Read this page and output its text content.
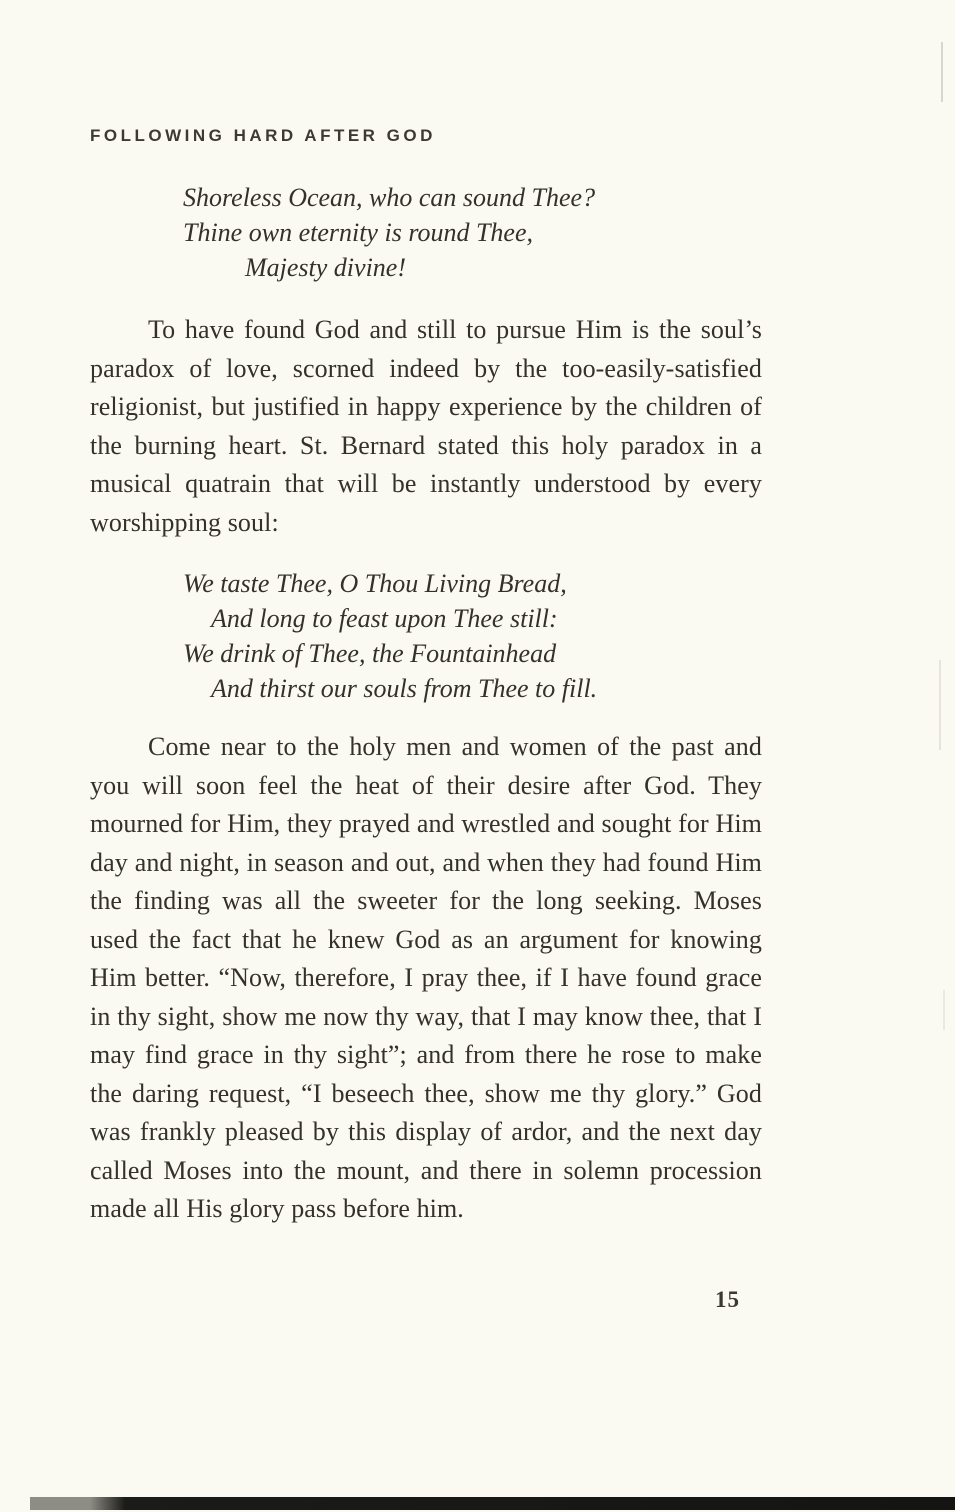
FOLLOWING HARD AFTER GOD
Shoreless Ocean, who can sound Thee?
Thine own eternity is round Thee,
Majesty divine!

To have found God and still to pursue Him is the soul’s paradox of love, scorned indeed by the too-easily-satisfied religionist, but justified in happy experience by the children of the burning heart. St. Bernard stated this holy paradox in a musical quatrain that will be instantly understood by every worshipping soul:

We taste Thee, O Thou Living Bread,
And long to feast upon Thee still:
We drink of Thee, the Fountainhead
And thirst our souls from Thee to fill.

Come near to the holy men and women of the past and you will soon feel the heat of their desire after God. They mourned for Him, they prayed and wrestled and sought for Him day and night, in season and out, and when they had found Him the finding was all the sweeter for the long seeking. Moses used the fact that he knew God as an argument for knowing Him better. “Now, therefore, I pray thee, if I have found grace in thy sight, show me now thy way, that I may know thee, that I may find grace in thy sight”; and from there he rose to make the daring request, “I beseech thee, show me thy glory.” God was frankly pleased by this display of ardor, and the next day called Moses into the mount, and there in solemn procession made all His glory pass before him.

15
